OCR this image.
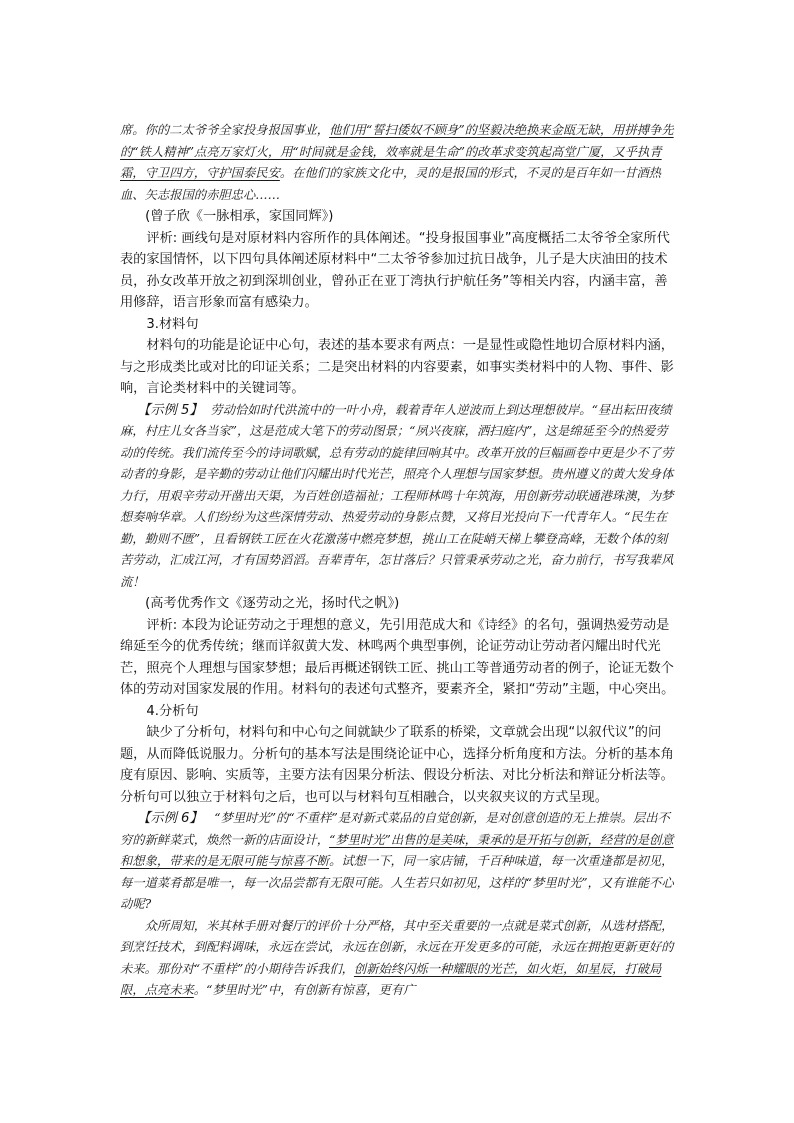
席。你的二太爷爷全家投身报国事业，他们用“誓扫倭奴不顾身”的坚毅决绝换来金瓯无缺，用拼搏争先的“铁人精神”点亮万家灯火，用“时间就是金钱，效率就是生命”的改革求变筑起高堂广厦，又乎执青霜，守卫四方，守护国泰民安。在他们的家族文化中，灵的是报国的形式，不灵的是百年如一甘酒热血、矢志报国的赤胆忠心……

(曾子欣《一脉相承，家国同辉》)

评析: 画线句是对原材料内容所作的具体阐述。“投身报国事业”高度概括二太爷爷全家所代表的家国情怀，以下四句具体阐述原材料中“二太爷爷参加过抗日战争，儿子是大庆油田的技术员，孙女改革开放之初到深圳创业，曾孙正在亚丁湾执行护航任务”等相关内容，内涵丰富，善用修辞，语言形象而富有感染力。

3.材料句

材料句的功能是论证中心句，表述的基本要求有两点：一是显性或隐性地切合原材料内涵，与之形成类比或对比的印证关系；二是突出材料的内容要素，如事实类材料中的人物、事件、影响，言论类材料中的关键词等。

【示例 5】 劳动恰如时代洪流中的一叶小舟，载着青年人逆波而上到达理想彼岸。“昼出耘田夜绩麻，村庄儿女各当家”，这是范成大笔下的劳动图景；“夙兴夜寐，洒扫庭内”，这是绵延至今的热爱劳动的传统。我们流传至今的诗词歌赋，总有劳动的旋律回响其中。改革开放的巨幅画卷中更是少不了劳动者的身影，是辛勤的劳动让他们闪耀出时代光芒，照亮个人理想与国家梦想。贵州遵义的黄大发身体力行，用艰辛劳动开凿出天渠，为百姓创造福祉；工程师林鸣十年筑海，用创新劳动联通港珠澳，为梦想奏响华章。人们纷纷为这些深情劳动、热爱劳动的身影点赞，又将目光投向下一代青年人。“民生在勤，勤则不匮”，且看钢铁工匠在火花激荡中燃亮梦想，挑山工在陡峭天梯上攀登高峰，无数个体的刻苦劳动，汇成江河，才有国势滔滔。吾辈青年，怎甘落后？只管秉承劳动之光，奋力前行，书写我辈风流！

(高考优秀作文《逐劳动之光，扬时代之帆》)

评析: 本段为论证劳动之于理想的意义，先引用范成大和《诗经》的名句，强调热爱劳动是绵延至今的优秀传统；继而详叙黄大发、林鸣两个典型事例，论证劳动让劳动者闪耀出时代光芒，照亮个人理想与国家梦想；最后再概述钢铁工匠、挑山工等普通劳动者的例子，论证无数个体的劳动对国家发展的作用。材料句的表述句式整齐，要素齐全，紧扣“劳动”主题，中心突出。

4.分析句

缺少了分析句，材料句和中心句之间就缺少了联系的桥梁，文章就会出现“以叙代议”的问题，从而降低说服力。分析句的基本写法是围绕论证中心，选择分析角度和方法。分析的基本角度有原因、影响、实质等，主要方法有因果分析法、假设分析法、对比分析法和辩证分析法等。分析句可以独立于材料句之后，也可以与材料句互相融合，以夹叙夹议的方式呈现。

【示例 6】 “梦里时光”的“不重样”是对新式菜品的自觉创新，是对创意创造的无上推崇。层出不穷的新鲜菜式，焕然一新的店面设计，“梦里时光”出售的是美味，秉承的是开拓与创新，经营的是创意和想象，带来的是无限可能与惊喜不断。试想一下，同一家店铺，千百种味道，每一次重逢都是初见，每一道菜肴都是唯一，每一次品尝都有无限可能。人生若只如初见，这样的“梦里时光”，又有谁能不心动呢?

众所周知，米其林手册对餐厅的评价十分严格，其中至关重要的一点就是菜式创新，从选材搭配，到烹饪技术，到配料调味，永远在尝试，永远在创新，永远在开发更多的可能，永远在拥抱更新更好的未来。那份对“不重样”的小期待告诉我们，创新始终闪烁一种耀眼的光芒，如火炬，如星辰，打破局限，点亮未来。“梦里时光”中，有创新有惊喜，更有广
